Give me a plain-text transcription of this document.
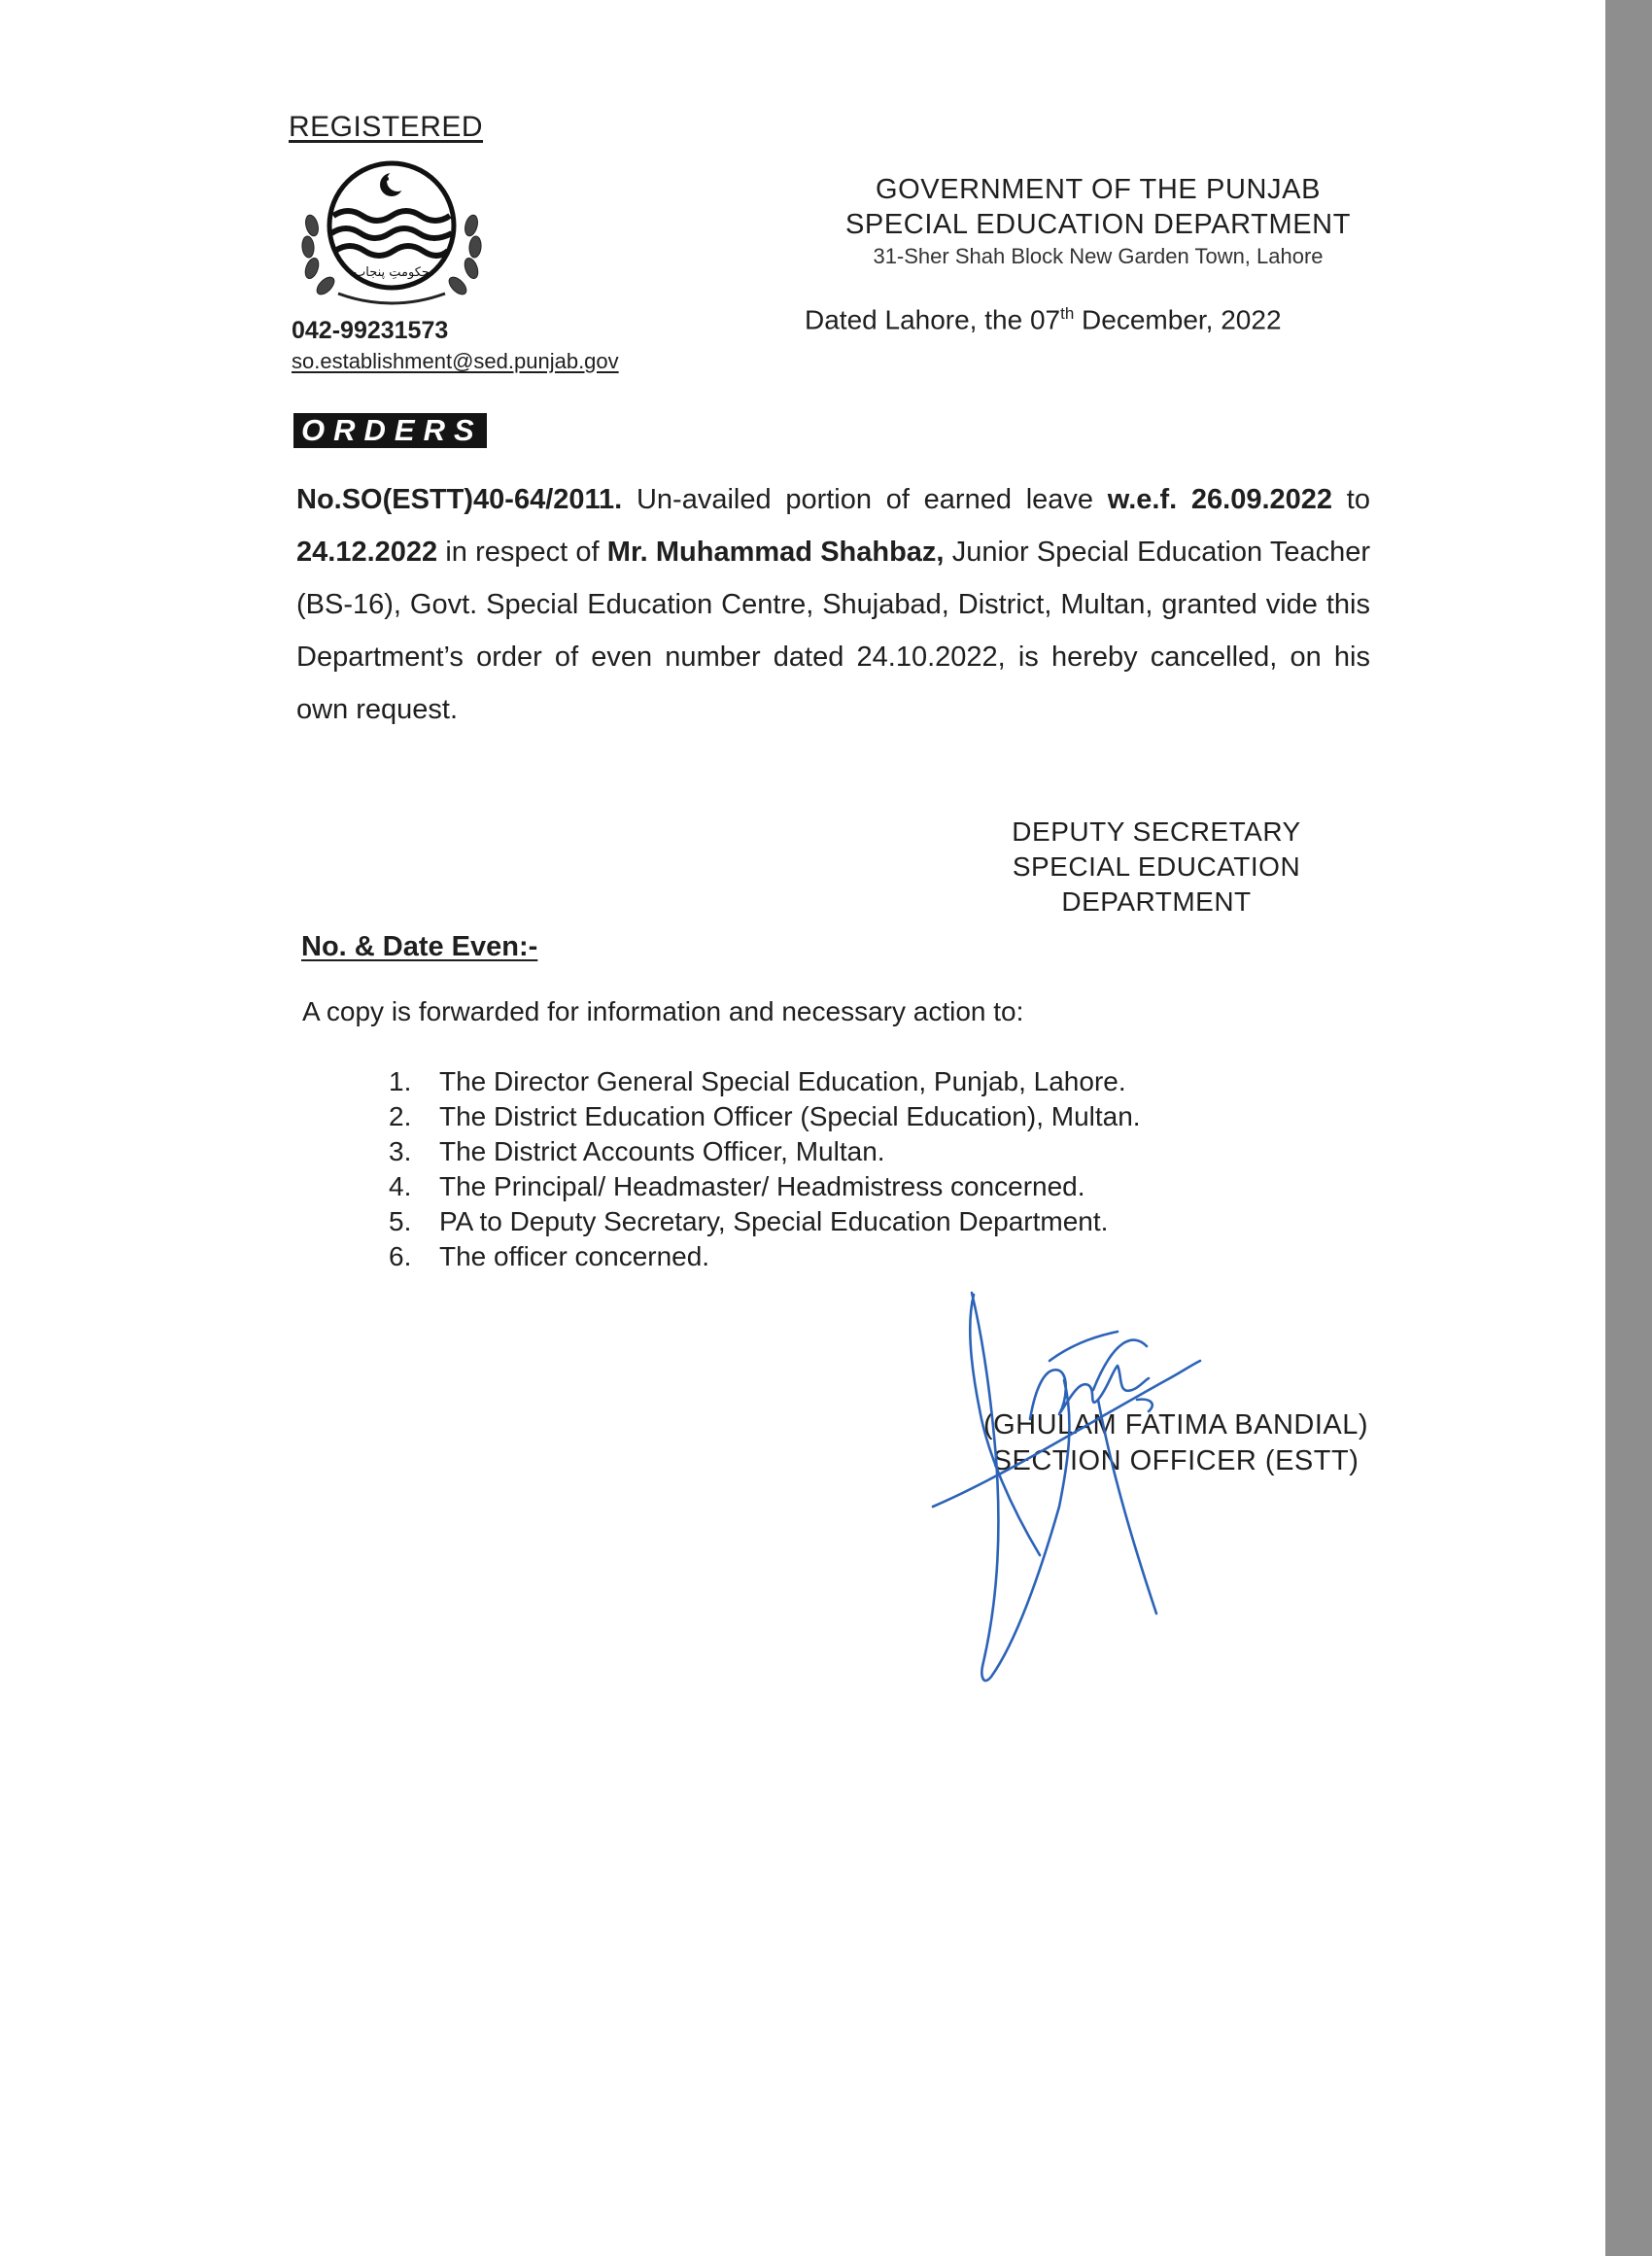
REGISTERED
حکومتِ پنجاب
042-99231573
so.establishment@sed.punjab.gov
GOVERNMENT OF THE PUNJAB
SPECIAL EDUCATION DEPARTMENT
31-Sher Shah Block New Garden Town, Lahore
Dated Lahore, the 07th December, 2022
ORDERS
No.SO(ESTT)40-64/2011. Un-availed portion of earned leave w.e.f. 26.09.2022 to 24.12.2022 in respect of Mr. Muhammad Shahbaz, Junior Special Education Teacher (BS-16), Govt. Special Education Centre, Shujabad, District, Multan, granted vide this Department’s order of even number dated 24.10.2022, is hereby cancelled, on his own request.
DEPUTY SECRETARY
SPECIAL EDUCATION
DEPARTMENT
No. & Date Even:-
A copy is forwarded for information and necessary action to:
1. The Director General Special Education, Punjab, Lahore.
2. The District Education Officer (Special Education), Multan.
3. The District Accounts Officer, Multan.
4. The Principal/ Headmaster/ Headmistress concerned.
5. PA to Deputy Secretary, Special Education Department.
6. The officer concerned.
(GHULAM FATIMA BANDIAL)
SECTION OFFICER (ESTT)
